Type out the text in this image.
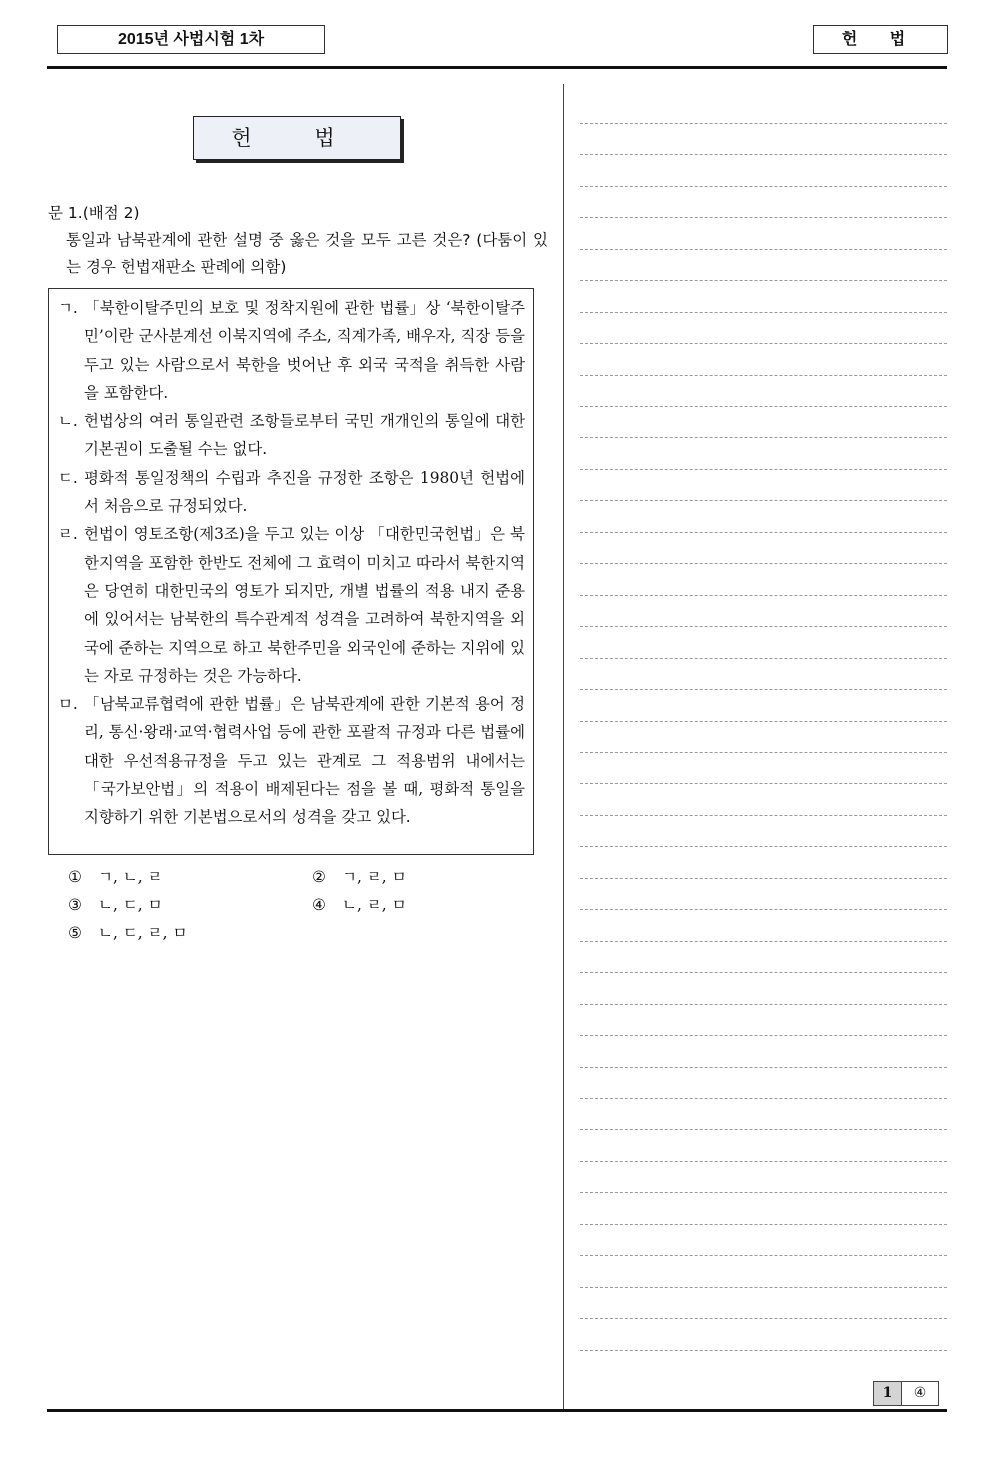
2015년 사법시험 1차	헌 법
헌 법
문 1.(배점 2)
통일과 남북관계에 관한 설명 중 옳은 것을 모두 고른 것은? (다툼이 있는 경우 헌법재판소 판례에 의함)

ㄱ. 「북한이탈주민의 보호 및 정착지원에 관한 법률」상 ‘북한이탈주민’이란 군사분계선 이북지역에 주소, 직계가족, 배우자, 직장 등을 두고 있는 사람으로서 북한을 벗어난 후 외국 국적을 취득한 사람을 포함한다.

ㄴ. 헌법상의 여러 통일관련 조항들로부터 국민 개개인의 통일에 대한 기본권이 도출될 수는 없다.

ㄷ. 평화적 통일정책의 수립과 추진을 규정한 조항은 1980년 헌법에서 처음으로 규정되었다.

ㄹ. 헌법이 영토조항(제3조)을 두고 있는 이상 「대한민국헌법」은 북한지역을 포함한 한반도 전체에 그 효력이 미치고 따라서 북한지역은 당연히 대한민국의 영토가 되지만, 개별 법률의 적용 내지 준용에 있어서는 남북한의 특수관계적 성격을 고려하여 북한지역을 외국에 준하는 지역으로 하고 북한주민을 외국인에 준하는 지위에 있는 자로 규정하는 것은 가능하다.

ㅁ. 「남북교류협력에 관한 법률」은 남북관계에 관한 기본적 용어 정리, 통신·왕래·교역·협력사업 등에 관한 포괄적 규정과 다른 법률에 대한 우선적용규정을 두고 있는 관계로 그 적용범위 내에서는 「국가보안법」의 적용이 배제된다는 점을 볼 때, 평화적 통일을 지향하기 위한 기본법으로서의 성격을 갖고 있다.

① ㄱ, ㄴ, ㄹ	② ㄱ, ㄹ, ㅁ
③ ㄴ, ㄷ, ㅁ	④ ㄴ, ㄹ, ㅁ
⑤ ㄴ, ㄷ, ㄹ, ㅁ
1	④
